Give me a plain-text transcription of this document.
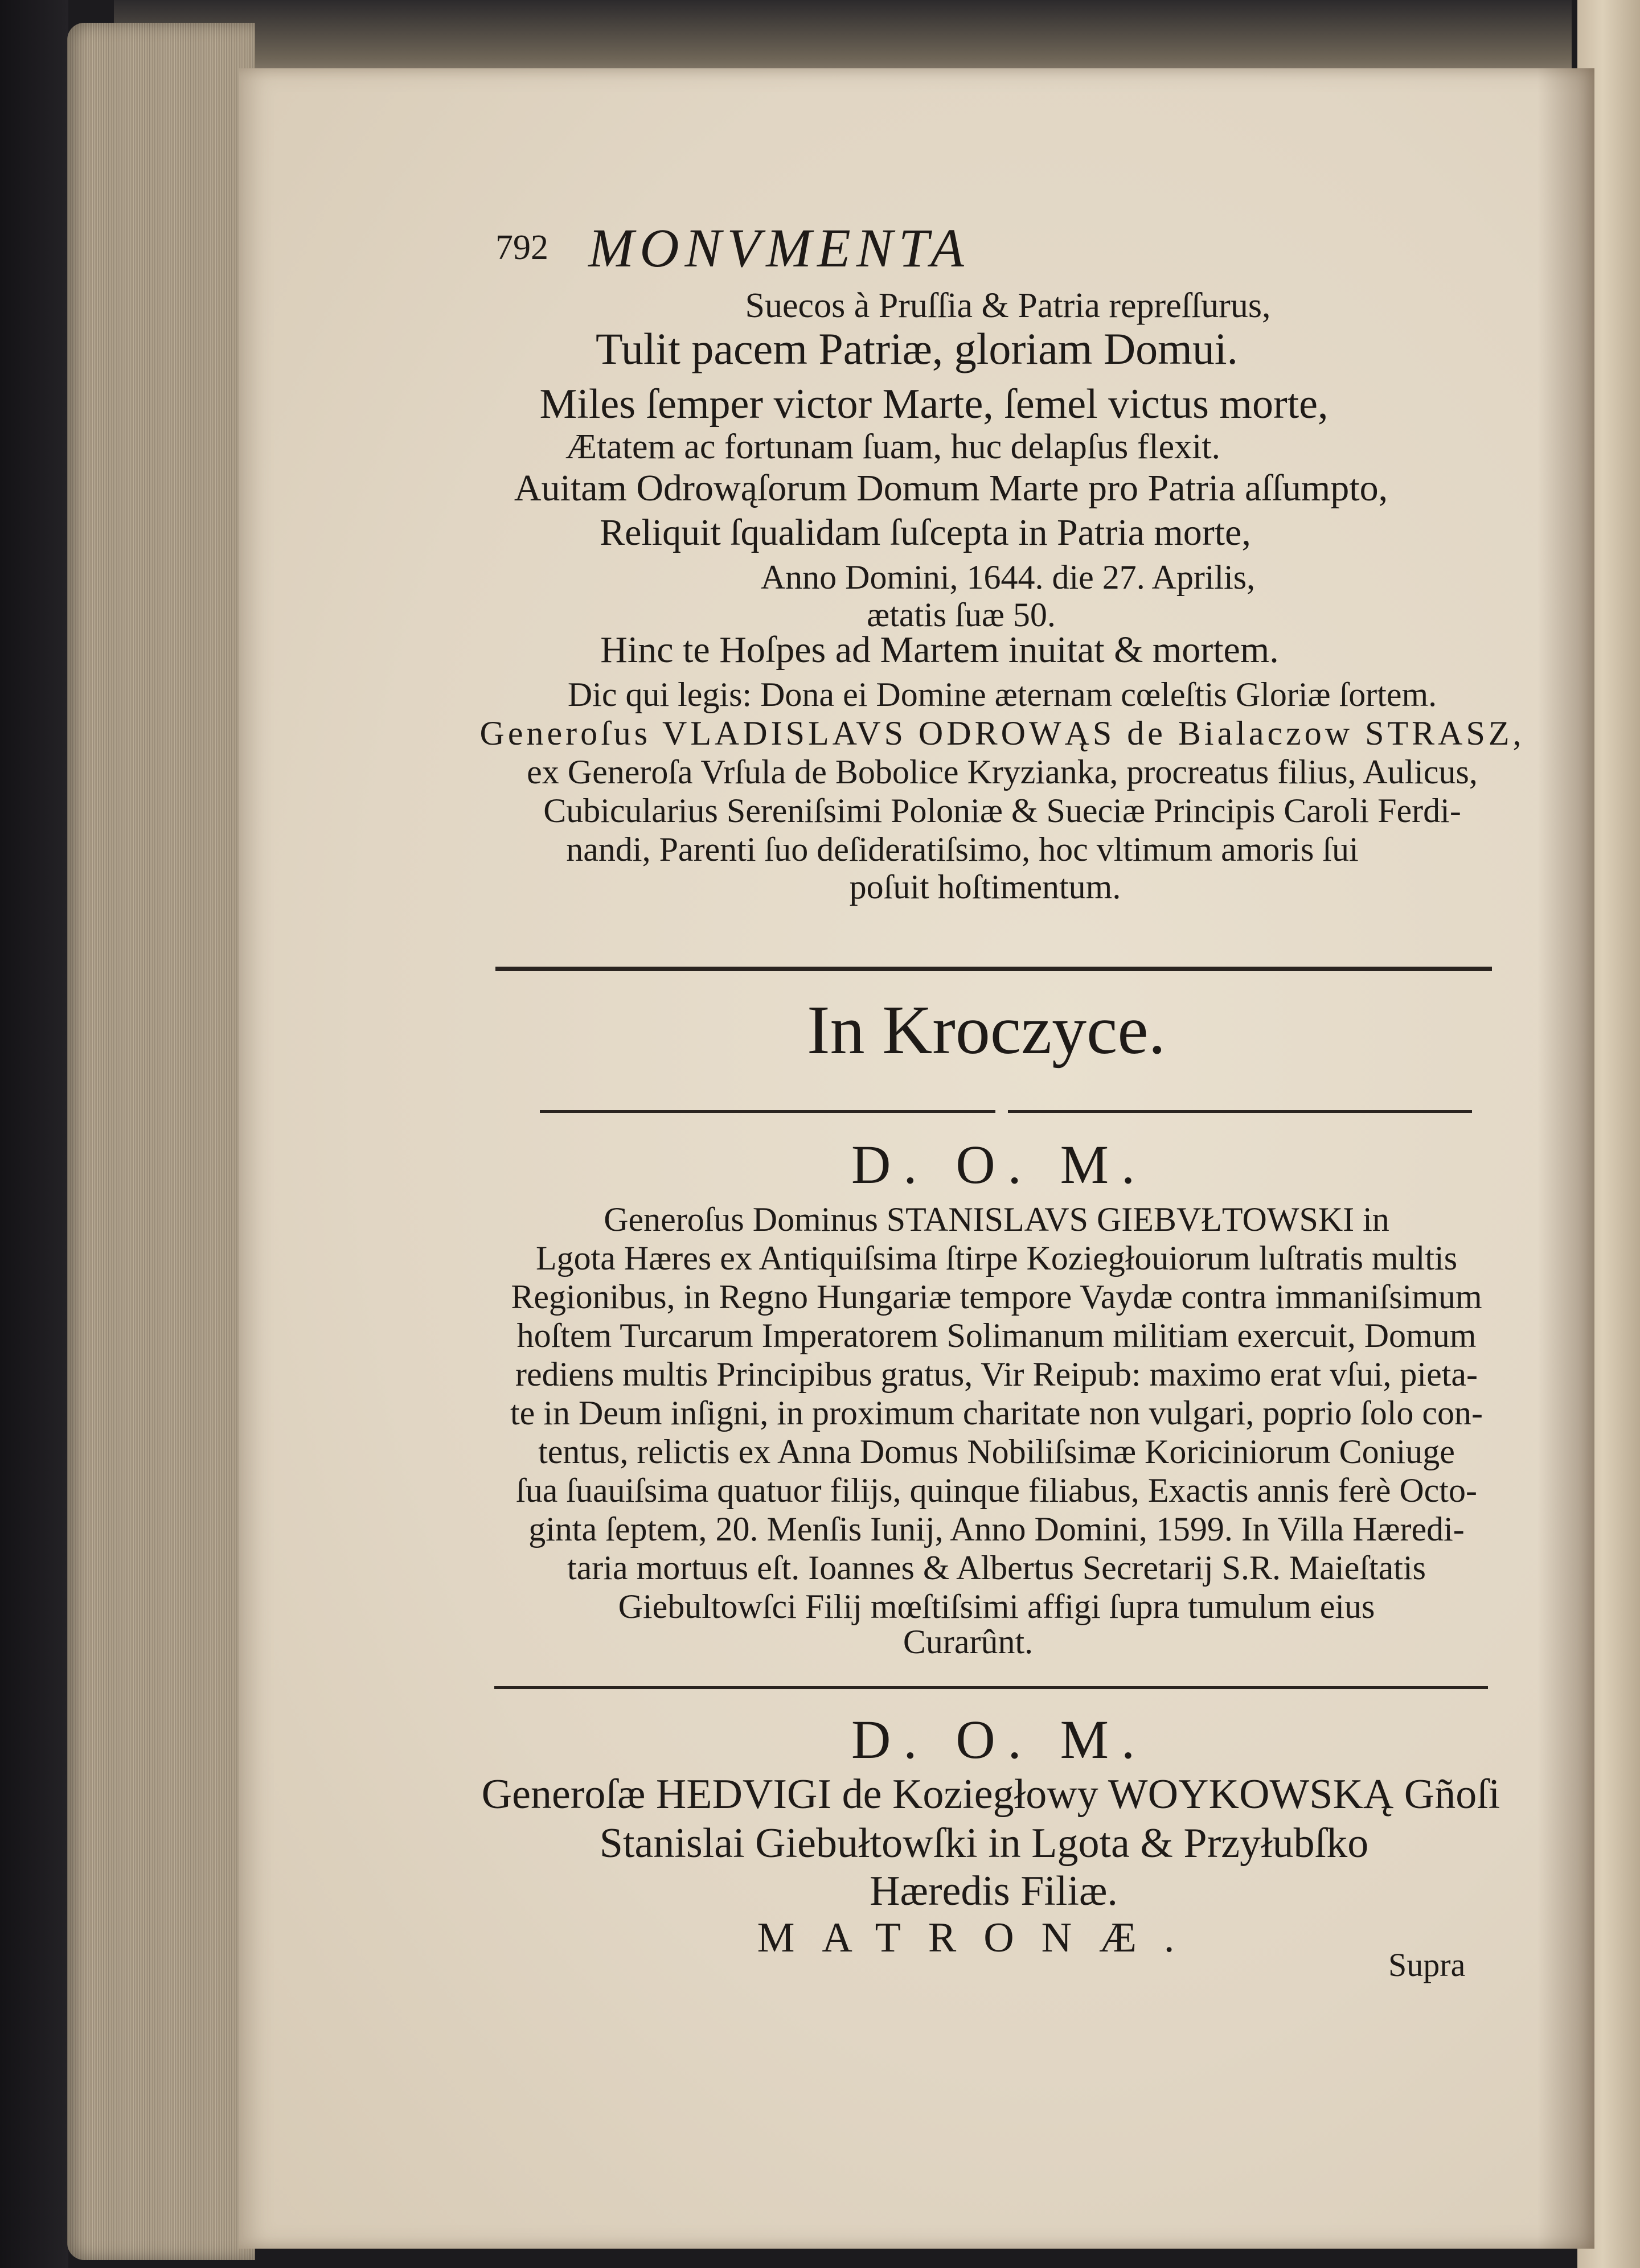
792 MONVMENTA
Suecos à Pruſſia & Patria repreſſurus,
Tulit pacem Patriæ, gloriam Domui.
Miles ſemper victor Marte, ſemel victus morte,
Ætatem ac fortunam ſuam, huc delapſus flexit.
Auitam Odrowąſorum Domum Marte pro Patria aſſumpto,
Reliquit ſqualidam ſuſcepta in Patria morte,
Anno Domini, 1644. die 27. Aprilis,
ætatis ſuæ 50.
Hinc te Hoſpes ad Martem inuitat & mortem.
Dic qui legis: Dona ei Domine æternam cœleſtis Gloriæ ſortem.
Generoſus VLADISLAVS ODROWĄS de Bialaczow STRASZ,
ex Generoſa Vrſula de Bobolice Kryzianka, procreatus filius, Aulicus,
Cubicularius Sereniſsimi Poloniæ & Sueciæ Principis Caroli Ferdi-
nandi, Parenti ſuo deſideratiſsimo, hoc vltimum amoris ſui
poſuit hoſtimentum.
In Kroczyce.
D. O. M.
Generoſus Dominus STANISLAVS GIEBVŁTOWSKI in
Lgota Hæres ex Antiquiſsima ſtirpe Koziegłouiorum luſtratis multis
Regionibus, in Regno Hungariæ tempore Vaydæ contra immaniſsimum
hoſtem Turcarum Imperatorem Solimanum militiam exercuit, Domum
rediens multis Principibus gratus, Vir Reipub: maximo erat vſui, pieta-
te in Deum inſigni, in proximum charitate non vulgari, poprio ſolo con-
tentus, relictis ex Anna Domus Nobiliſsimæ Koriciniorum Coniuge
ſua ſuauiſsima quatuor filijs, quinque filiabus, Exactis annis ferè Octo-
ginta ſeptem, 20. Menſis Iunij, Anno Domini, 1599. In Villa Hæredi-
taria mortuus eſt. Ioannes & Albertus Secretarij S.R. Maieſtatis
Giebultowſci Filij mœſtiſsimi affigi ſupra tumulum eius
Curarûnt.
D. O. M.
Generoſæ HEDVIGI de Koziegłowy WOYKOWSKĄ Gñoſi
Stanislai Giebułtowſki in Lgota & Przyłubſko
Hæredis Filiæ.
MATRONÆ.
Supra
